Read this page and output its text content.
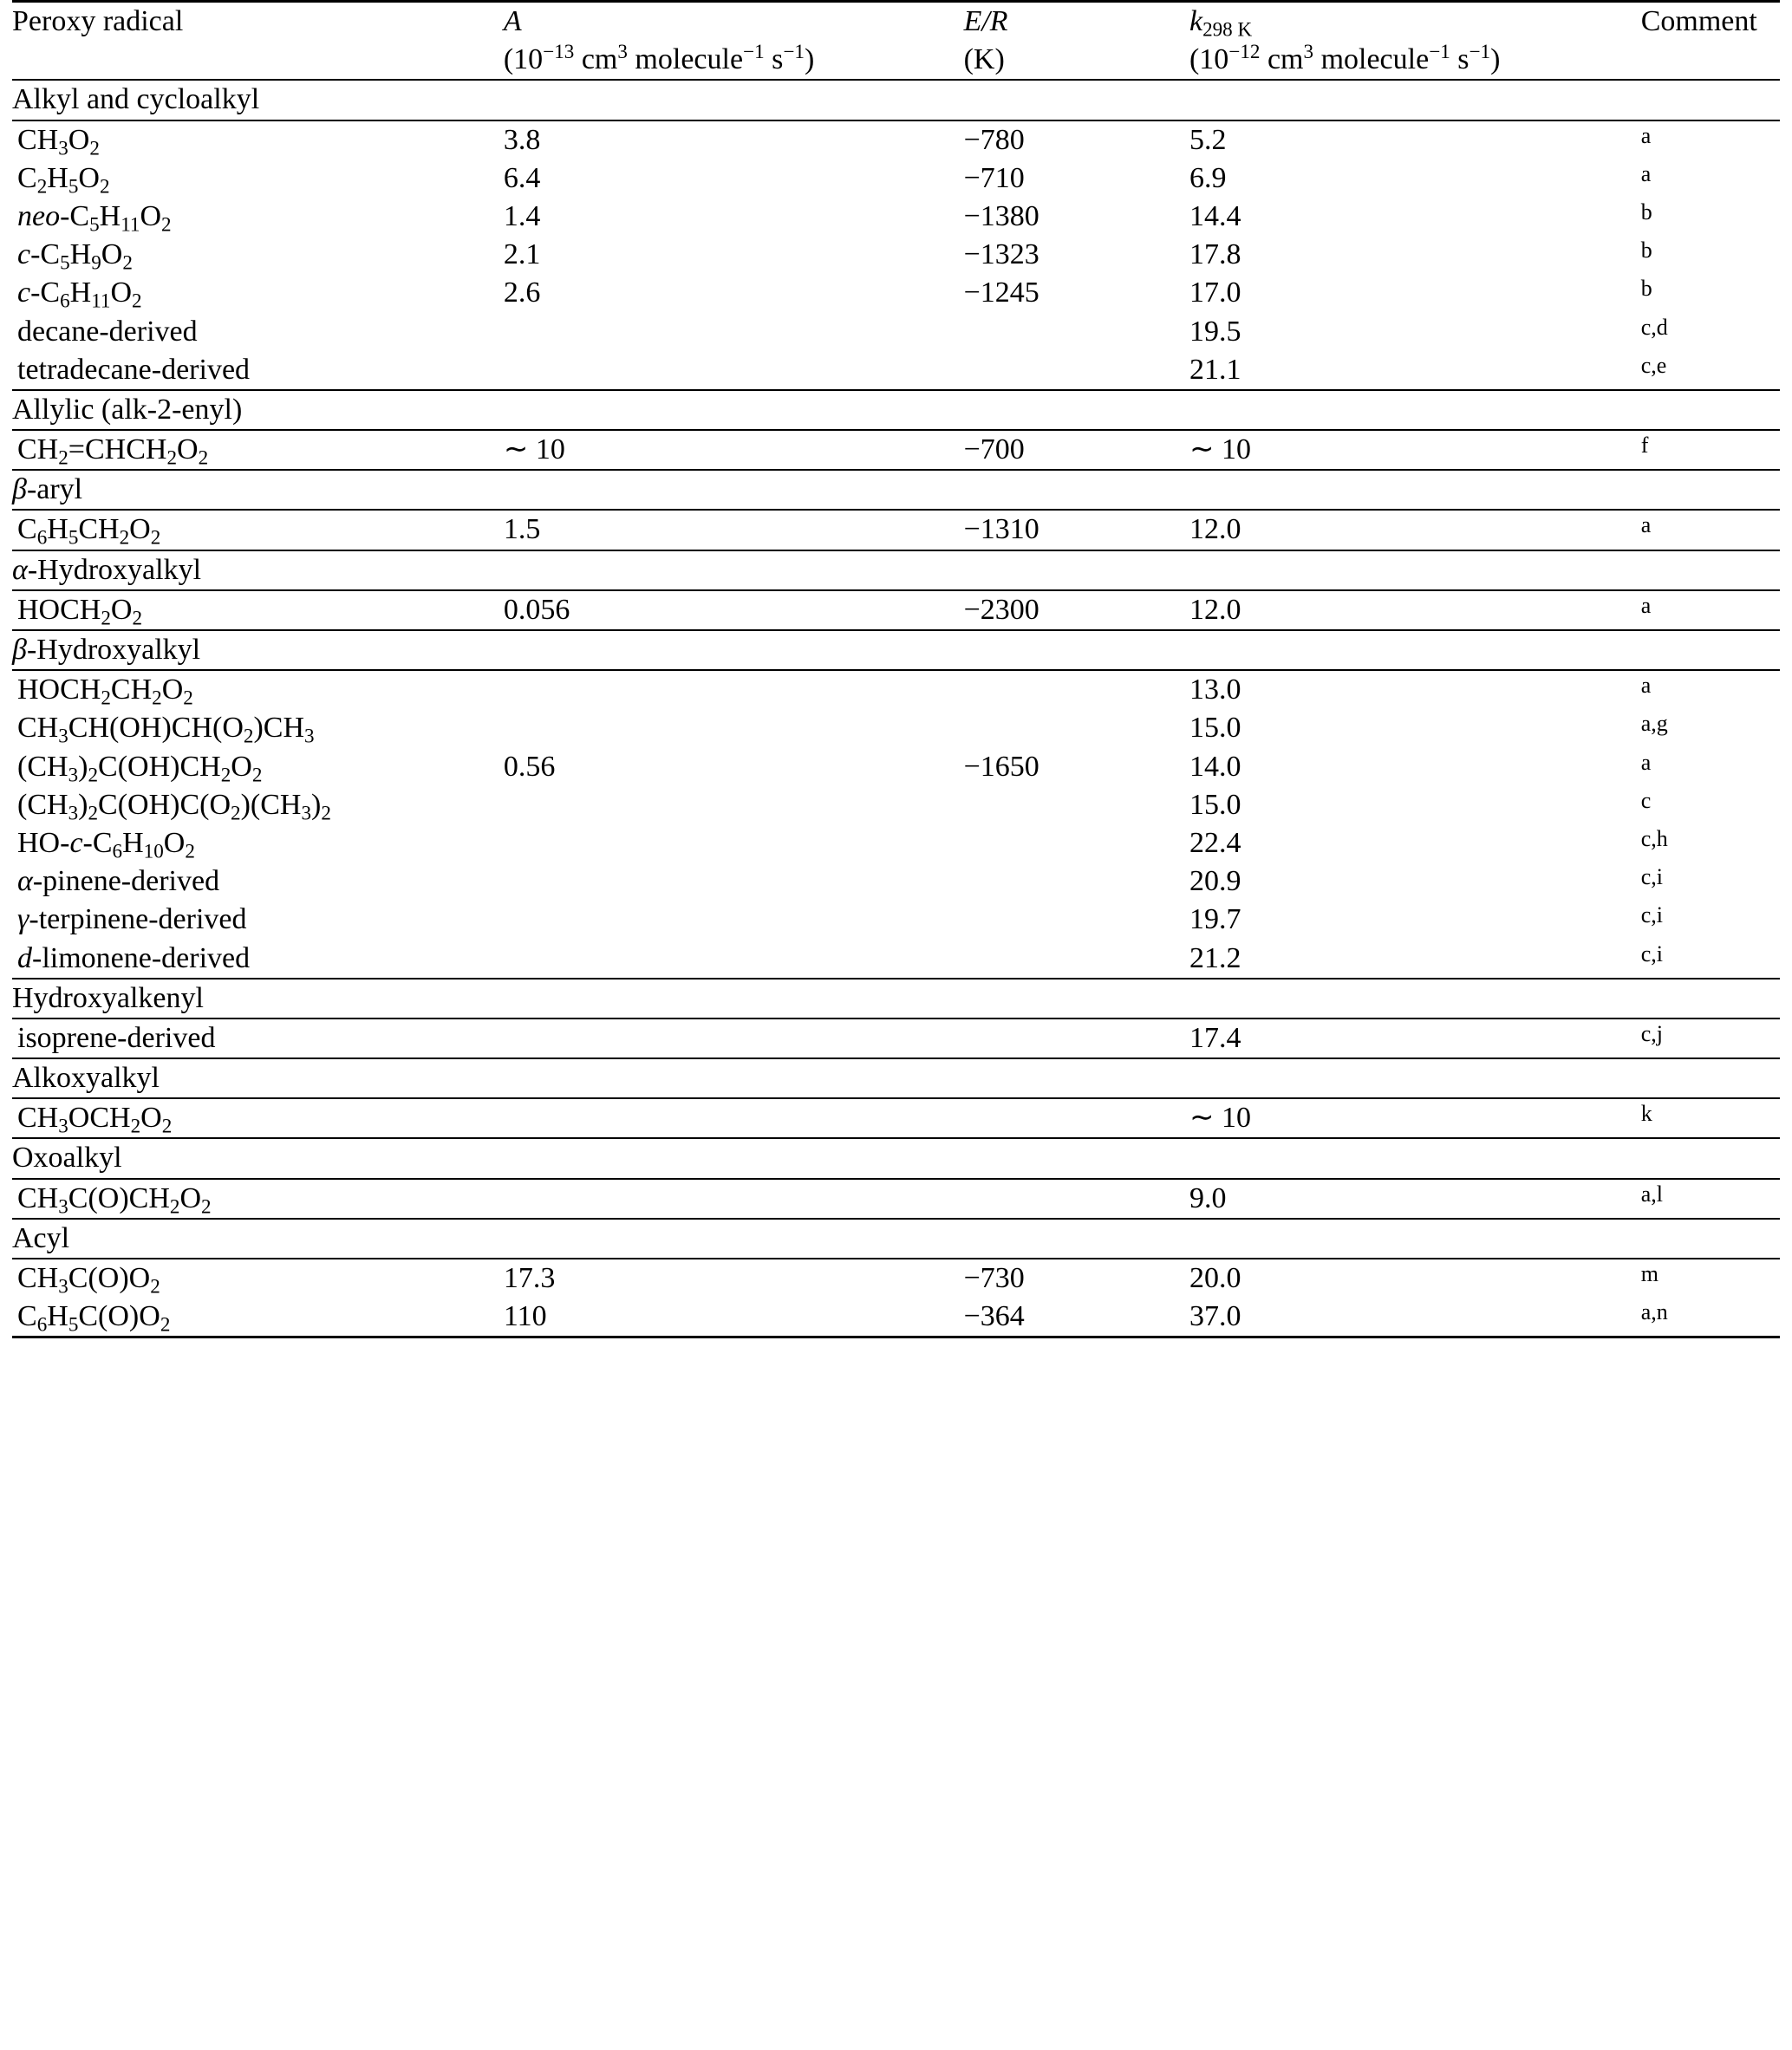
Peroxy radical	A	E/R	$k_{298 K}$	Comment
	($10^{-13}$ $cm^3$ molecule$^{-1}$ $s^{-1}$)	(K)	($10^{-12}$ $cm^3$ molecule$^{-1}$ $s^{-1}$)	
Alkyl and cycloalkyl				
$CH_3O_2$	3.8	−780	5.2	a
$C_2H_5O_2$	6.4	−710	6.9	a
neo-$C_5H_{11}O_2$	1.4	−1380	14.4	b
$c-C_5H_9O_2$	2.1	−1323	17.8	b
$c-C_6H_{11}O_2$	2.6	−1245	17.0	b
decane-derived			19.5	c,d
tetradecane-derived			21.1	c,e
Allylic (alk-2-enyl)				
$CH_2=CHCH_2O_2$	∼ 10	−700	∼ 10	f
β-aryl				
$C_6H_5CH_2O_2$	1.5	−1310	12.0	a
α-Hydroxyalkyl				
$HOCH_2O_2$	0.056	−2300	12.0	a
β-Hydroxyalkyl				
$HOCH_2CH_2O_2$			13.0	a
$CH_3CH(OH)CH(O_2)CH_3$			15.0	a,g
$(CH_3)_2C(OH)CH_2O_2$	0.56	−1650	14.0	a
$(CH_3)_2C(OH)C(O_2)(CH_3)_2$			15.0	c
$HO-c-C_6H_{10}O_2$			22.4	c,h
α-pinene-derived			20.9	c,i
γ-terpinene-derived			19.7	c,i
d-limonene-derived			21.2	c,i
Hydroxyalkenyl				
isoprene-derived			17.4	c,j
Alkoxyalkyl				
$CH_3OCH_2O_2$			∼ 10	k
Oxoalkyl				
$CH_3C(O)CH_2O_2$			9.0	a,l
Acyl				
$CH_3C(O)O_2$	17.3	−730	20.0	m
$C_6H_5C(O)O_2$	110	−364	37.0	a,n
